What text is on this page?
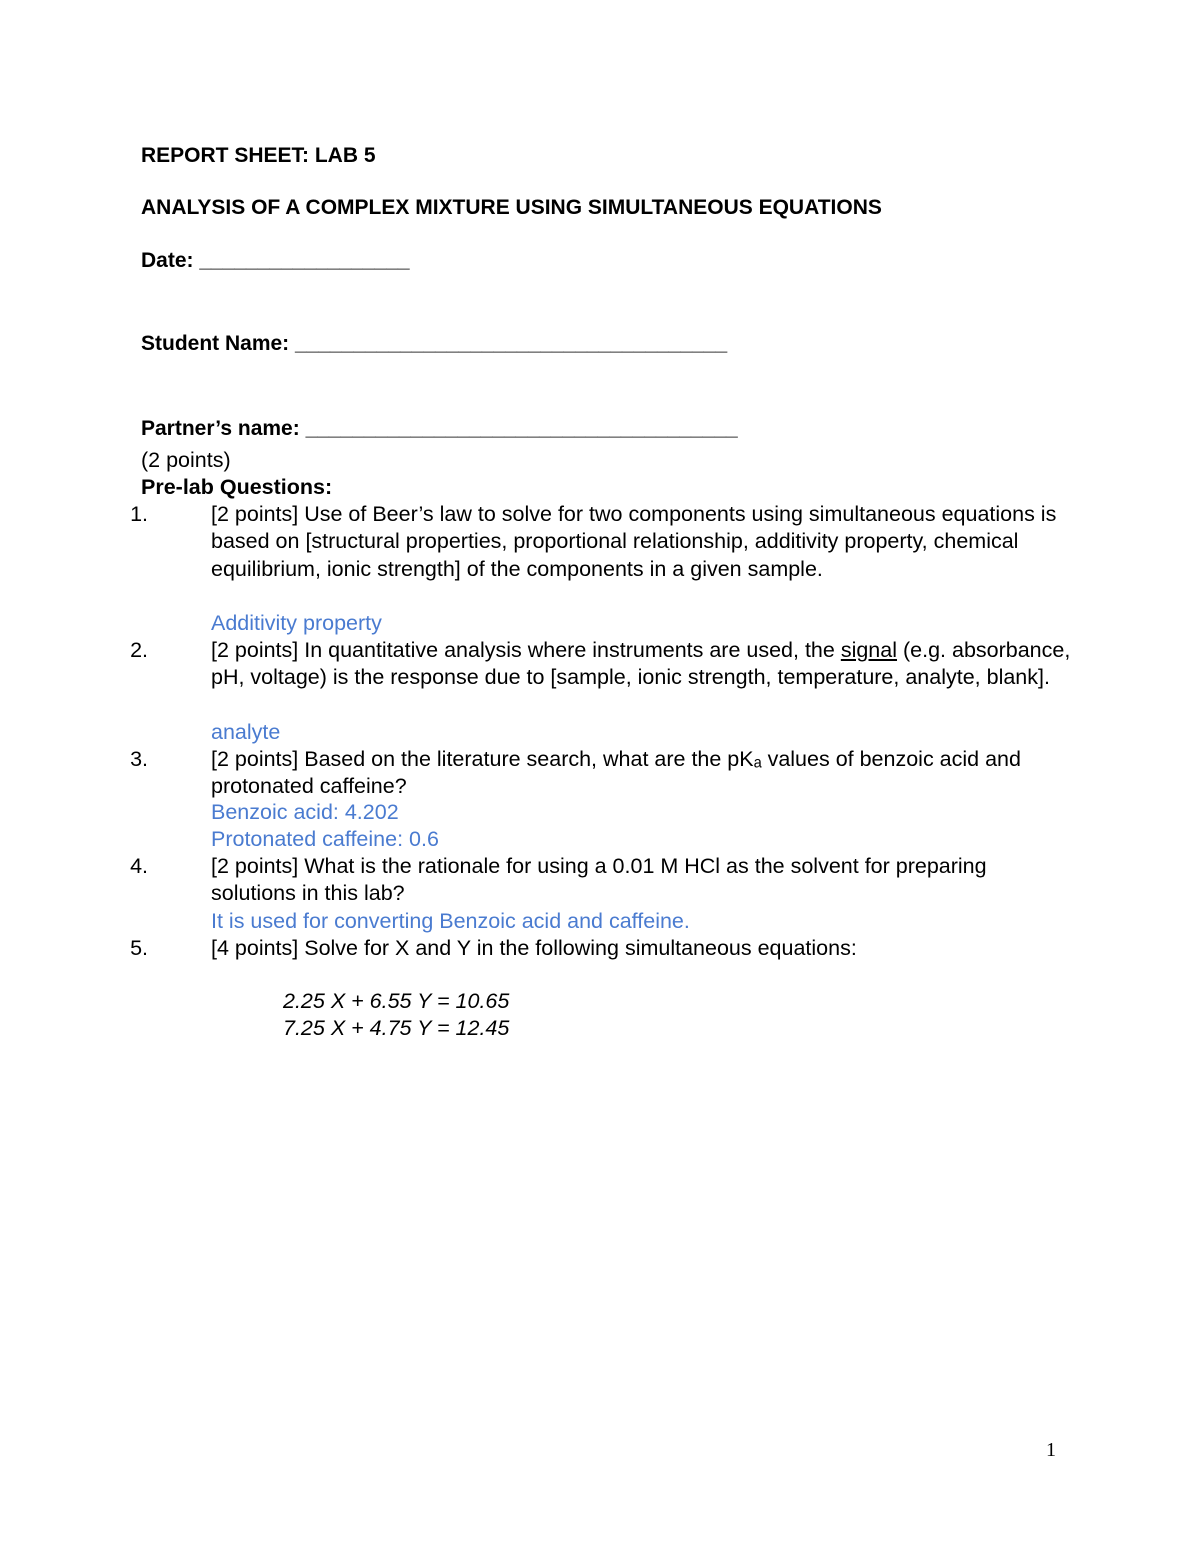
REPORT SHEET: LAB 5
ANALYSIS OF A COMPLEX MIXTURE USING SIMULTANEOUS EQUATIONS
Date: __________________
Student Name: _____________________________________
Partner’s name: _____________________________________
(2 points)
Pre-lab Questions:
1.	[2 points] Use of Beer’s law to solve for two components using simultaneous equations is based on [structural properties, proportional relationship, additivity property, chemical equilibrium, ionic strength] of the components in a given sample.
Additivity property
2.	[2 points] In quantitative analysis where instruments are used, the signal (e.g. absorbance, pH, voltage) is the response due to [sample, ionic strength, temperature, analyte, blank].
analyte
3.	[2 points] Based on the literature search, what are the pKₐ values of benzoic acid and protonated caffeine?
Benzoic acid: 4.202
Protonated caffeine: 0.6
4.	[2 points] What is the rationale for using a 0.01 M HCl as the solvent for preparing solutions in this lab?
It is used for converting Benzoic acid and caffeine.
5.	[4 points] Solve for X and Y in the following simultaneous equations:
2.25 X + 6.55 Y = 10.65
7.25 X + 4.75 Y = 12.45
1
